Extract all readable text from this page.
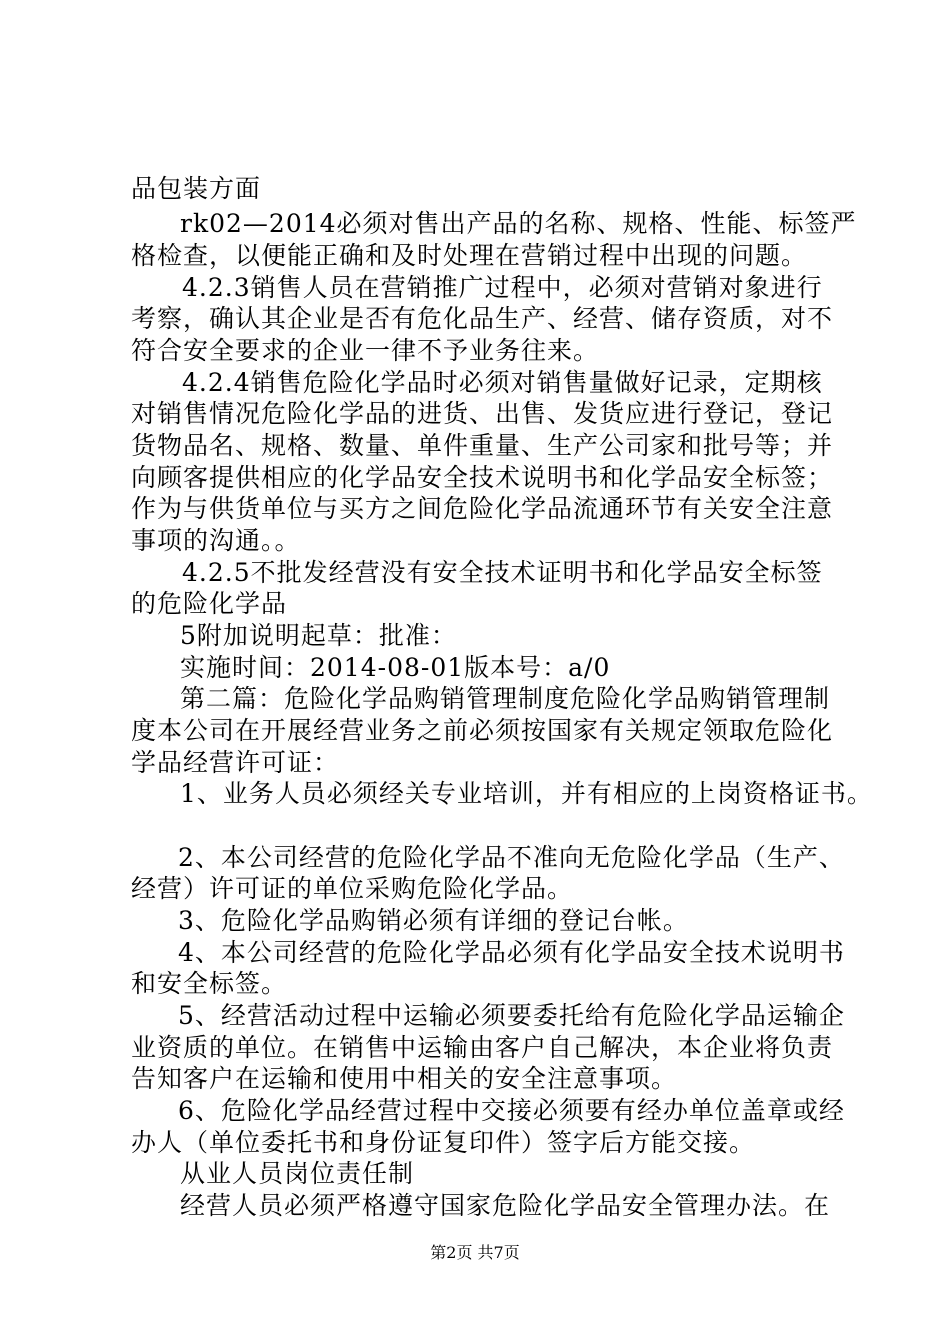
品包装方面
rk02—2014必须对售出产品的名称、规格、性能、标签严
格检查，以便能正确和及时处理在营销过程中出现的问题。
4.2.3销售人员在营销推广过程中，必须对营销对象进行
考察，确认其企业是否有危化品生产、经营、储存资质，对不
符合安全要求的企业一律不予业务往来。
4.2.4销售危险化学品时必须对销售量做好记录，定期核
对销售情况危险化学品的进货、出售、发货应进行登记，登记
货物品名、规格、数量、单件重量、生产公司家和批号等；并
向顾客提供相应的化学品安全技术说明书和化学品安全标签；
作为与供货单位与买方之间危险化学品流通环节有关安全注意
事项的沟通。。
4.2.5不批发经营没有安全技术证明书和化学品安全标签
的危险化学品
5附加说明起草：批准：
实施时间：2014-08-01版本号：a/0
第二篇：危险化学品购销管理制度危险化学品购销管理制
度本公司在开展经营业务之前必须按国家有关规定领取危险化
学品经营许可证：
1、业务人员必须经关专业培训，并有相应的上岗资格证书。
2、本公司经营的危险化学品不准向无危险化学品（生产、
经营）许可证的单位采购危险化学品。
3、危险化学品购销必须有详细的登记台帐。
4、本公司经营的危险化学品必须有化学品安全技术说明书
和安全标签。
5、经营活动过程中运输必须要委托给有危险化学品运输企
业资质的单位。在销售中运输由客户自己解决，本企业将负责
告知客户在运输和使用中相关的安全注意事项。
6、危险化学品经营过程中交接必须要有经办单位盖章或经
办人（单位委托书和身份证复印件）签字后方能交接。
从业人员岗位责任制
经营人员必须严格遵守国家危险化学品安全管理办法。在
第2页 共7页
